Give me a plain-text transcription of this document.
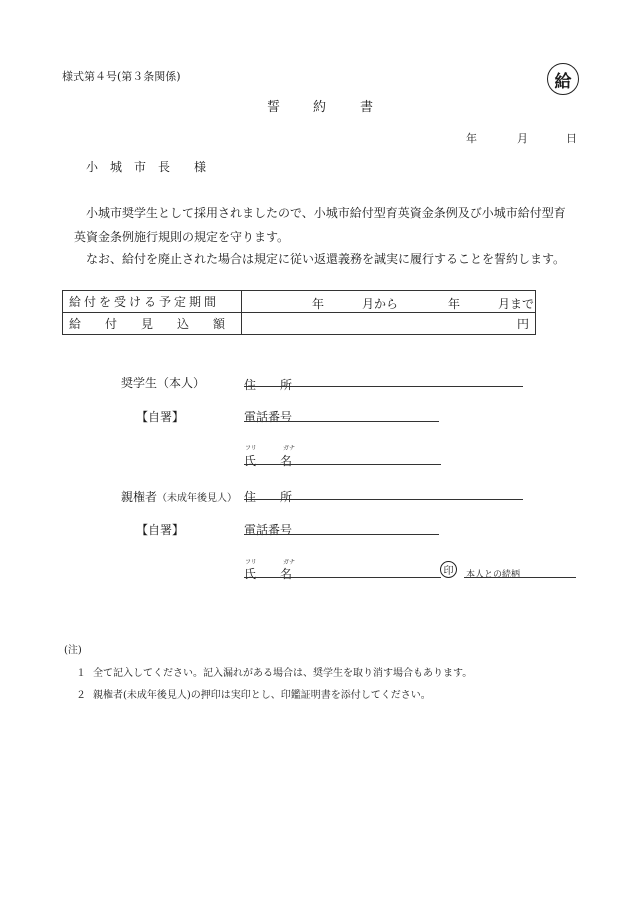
様式第４号(第３条関係)	給
誓	約	書
年	月	日
小　城　市　長　　様
小城市奨学生として採用されましたので、小城市給付型育英資金条例及び小城市給付型育
英資金条例施行規則の規定を守ります。
なお、給付を廃止された場合は規定に従い返還義務を誠実に履行することを誓約します。
給付を受ける予定期間	年 月から 年 月まで

給　　付　　見　　込　　額	円
奨学生（本人）	住　　所
【自署】	電話番号
フリ	ガナ
氏　　名
親権者（未成年後見人） 住　　所
【自署】	電話番号
フリ	ガナ
氏　　名	印	本人との続柄
(注)
１ 全て記入してください。記入漏れがある場合は、奨学生を取り消す場合もあります。
２ 親権者(未成年後見人)の押印は実印とし、印鑑証明書を添付してください。
